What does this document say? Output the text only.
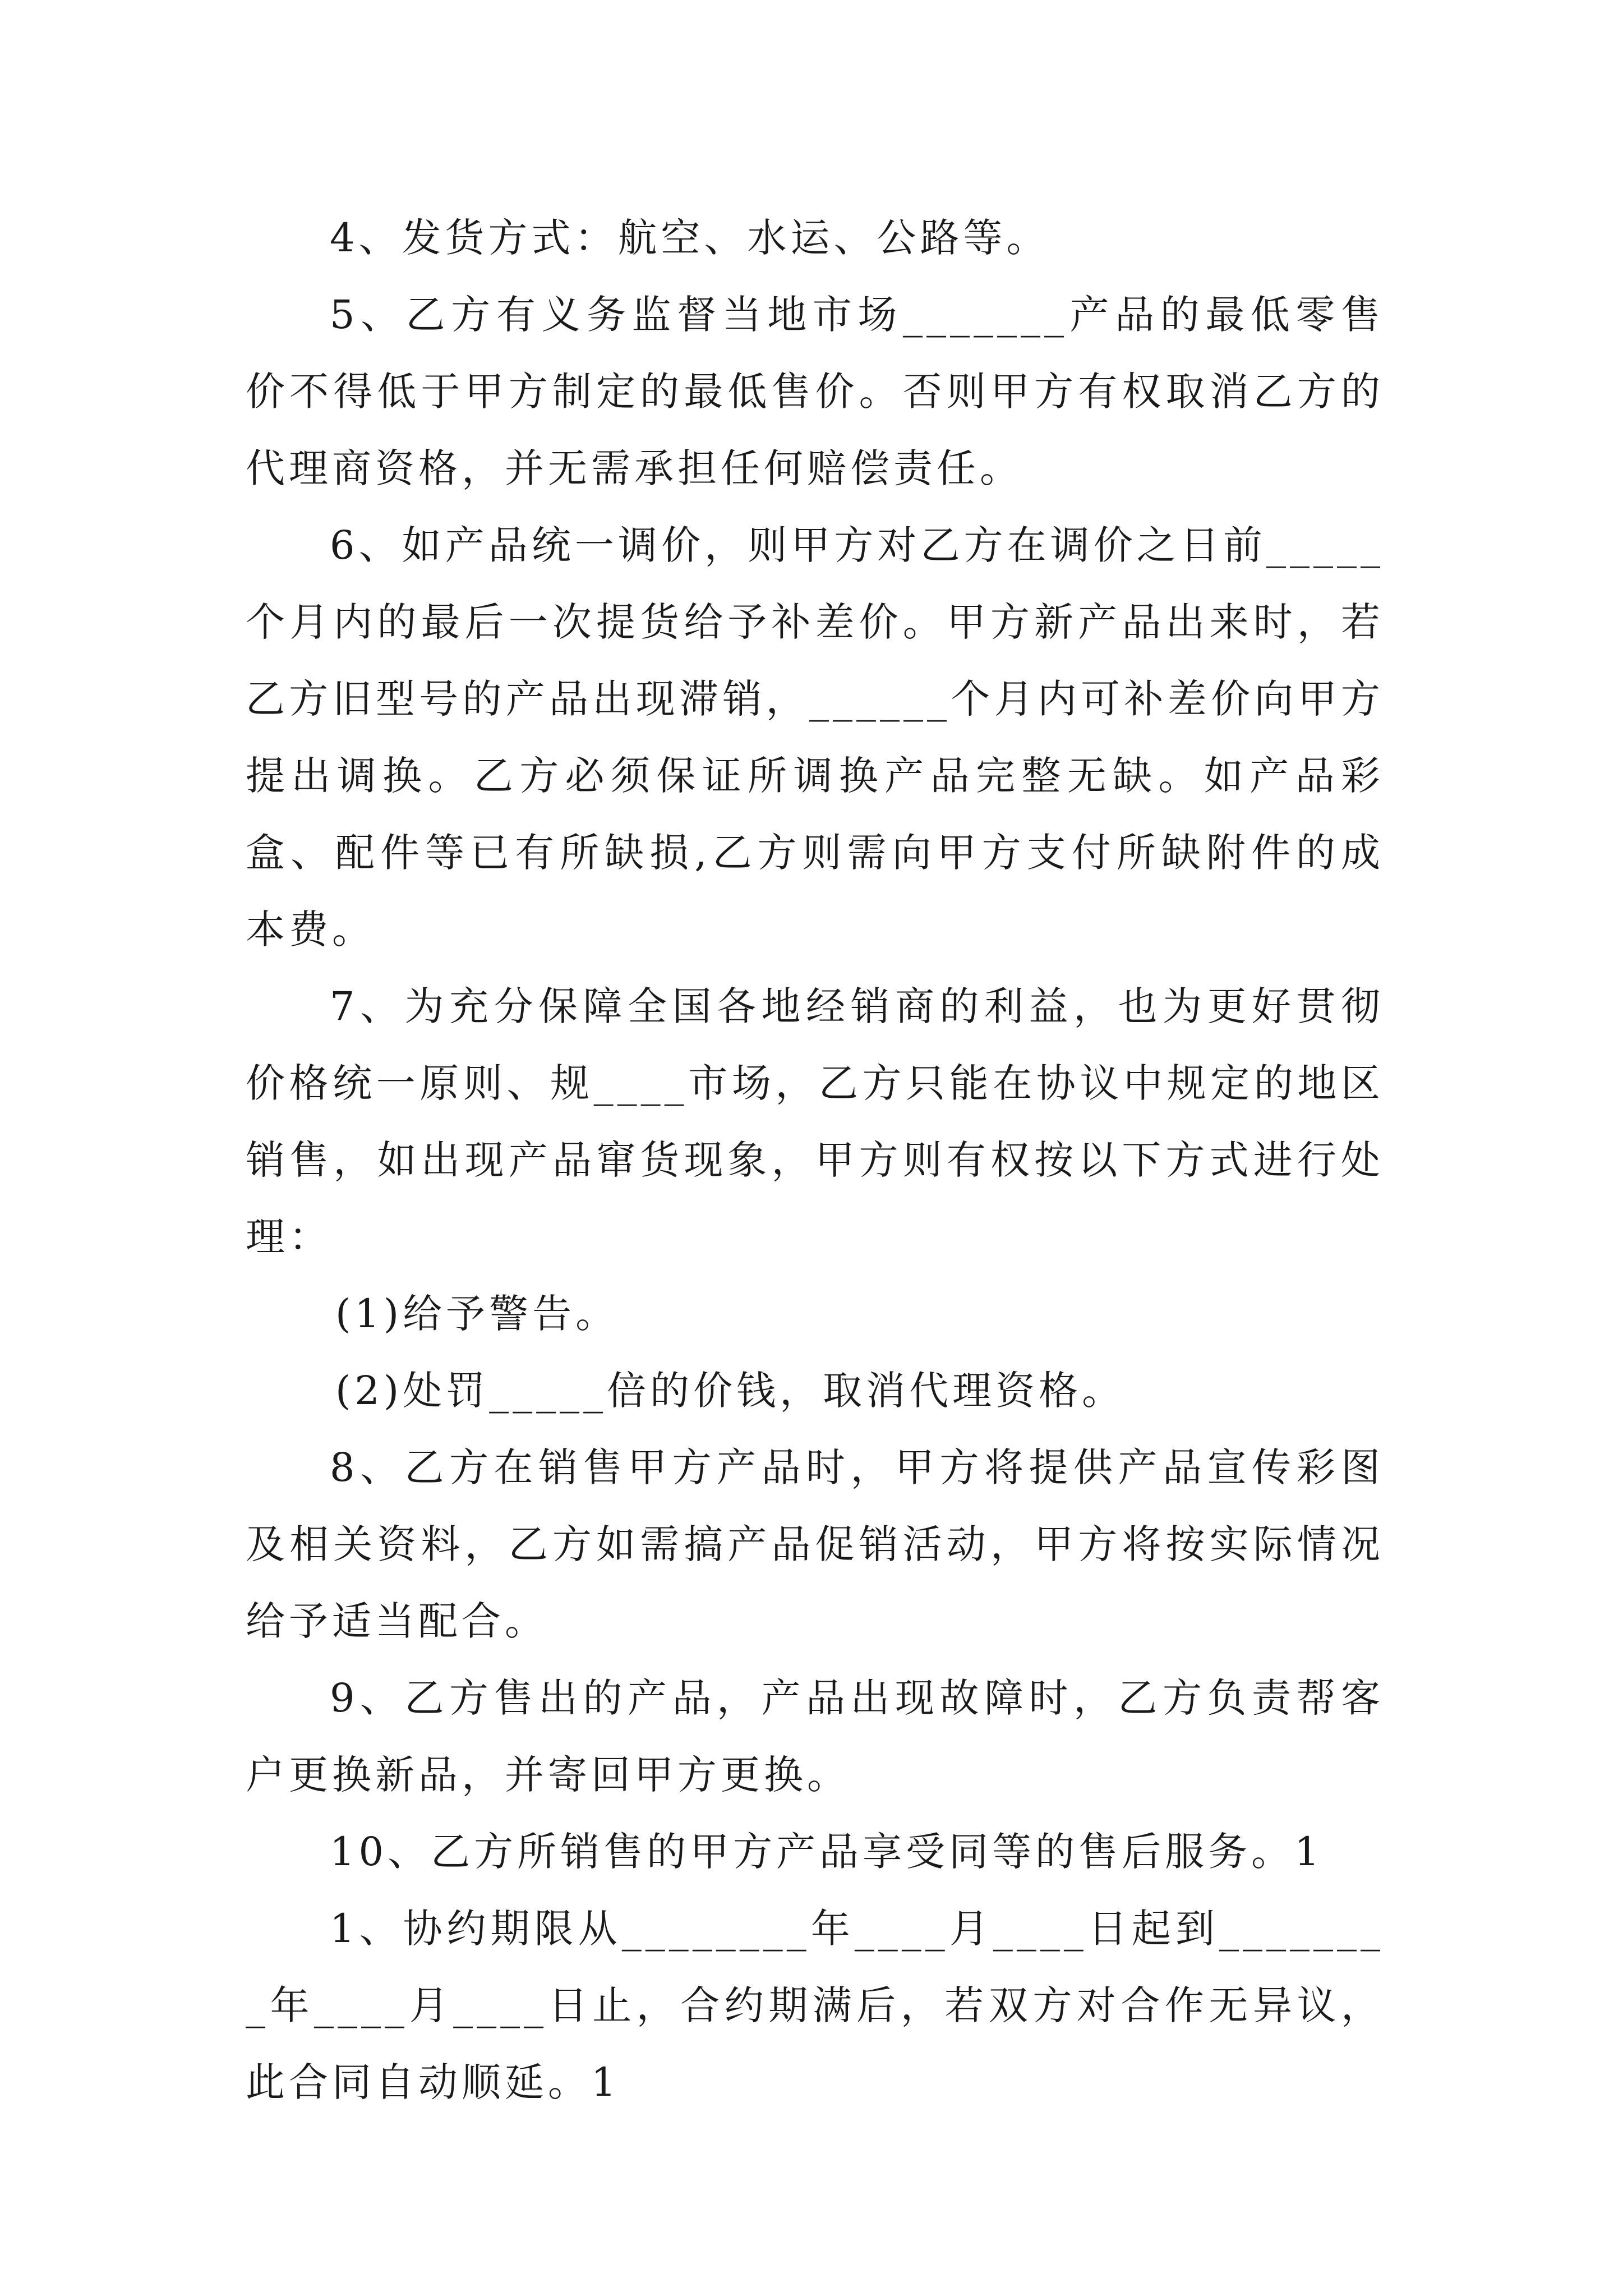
4、发货方式：航空、水运、公路等。

5、乙方有义务监督当地市场_______产品的最低零售价不得低于甲方制定的最低售价。否则甲方有权取消乙方的代理商资格，并无需承担任何赔偿责任。

6、如产品统一调价，则甲方对乙方在调价之日前_____个月内的最后一次提货给予补差价。甲方新产品出来时，若乙方旧型号的产品出现滞销，______个月内可补差价向甲方提出调换。乙方必须保证所调换产品完整无缺。如产品彩盒、配件等已有所缺损,乙方则需向甲方支付所缺附件的成本费。

7、为充分保障全国各地经销商的利益，也为更好贯彻价格统一原则、规____市场，乙方只能在协议中规定的地区销售，如出现产品窜货现象，甲方则有权按以下方式进行处理：

(1)给予警告。

(2)处罚_____倍的价钱，取消代理资格。

8、乙方在销售甲方产品时，甲方将提供产品宣传彩图及相关资料，乙方如需搞产品促销活动，甲方将按实际情况给予适当配合。

9、乙方售出的产品，产品出现故障时，乙方负责帮客户更换新品，并寄回甲方更换。

10、乙方所销售的甲方产品享受同等的售后服务。1

1、协约期限从________年____月____日起到________年____月____日止，合约期满后，若双方对合作无异议，此合同自动顺延。1
